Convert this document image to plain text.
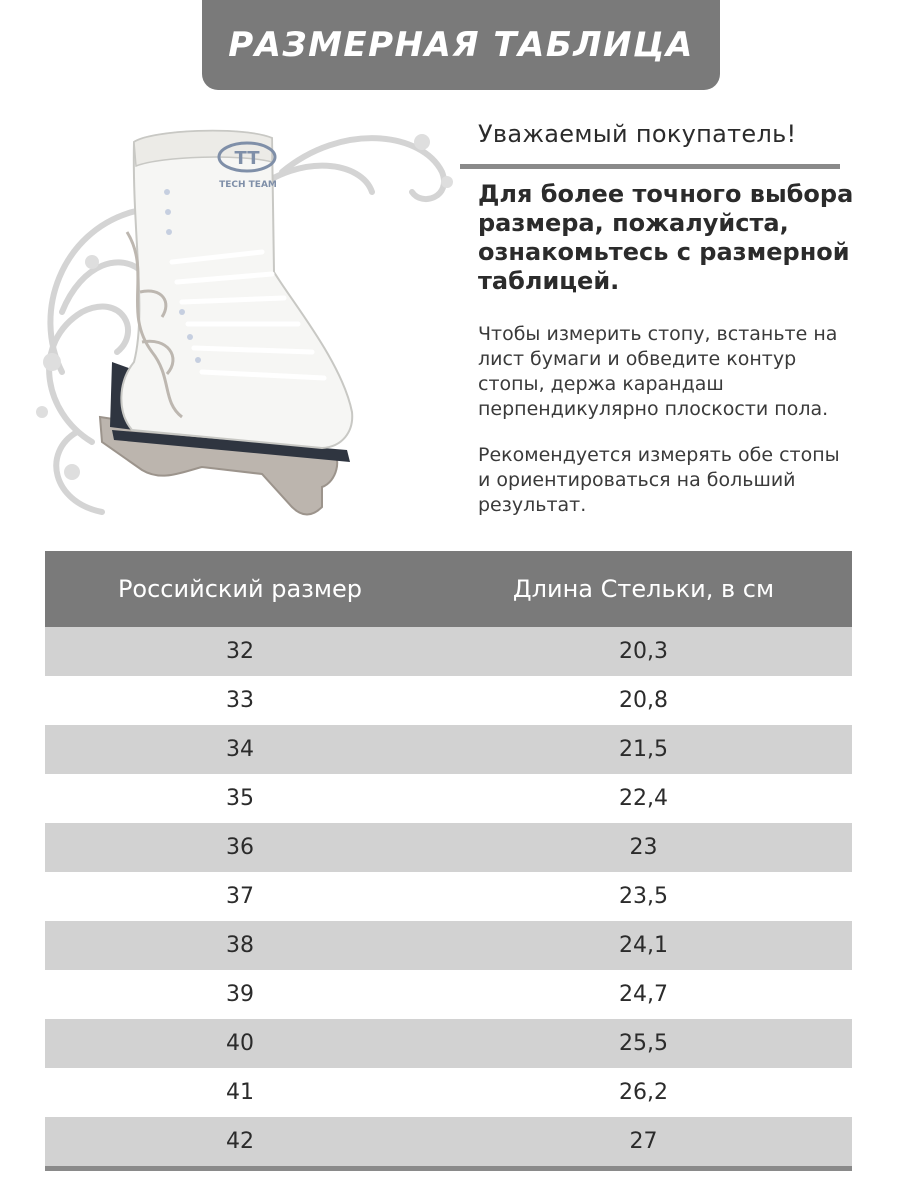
РАЗМЕРНАЯ ТАБЛИЦА
TT
TECH TEAM
Уважаемый покупатель!
Для более точного выбора размера, пожалуйста, ознакомьтесь с размерной таблицей.
Чтобы измерить стопу, встаньте на лист бумаги и обведите контур стопы, держа карандаш перпендикулярно плоскости пола.
Рекомендуется измерять обе стопы и ориентироваться на больший результат.
Российский размер	Длина Стельки, в см
32	20,3
33	20,8
34	21,5
35	22,4
36	23
37	23,5
38	24,1
39	24,7
40	25,5
41	26,2
42	27
